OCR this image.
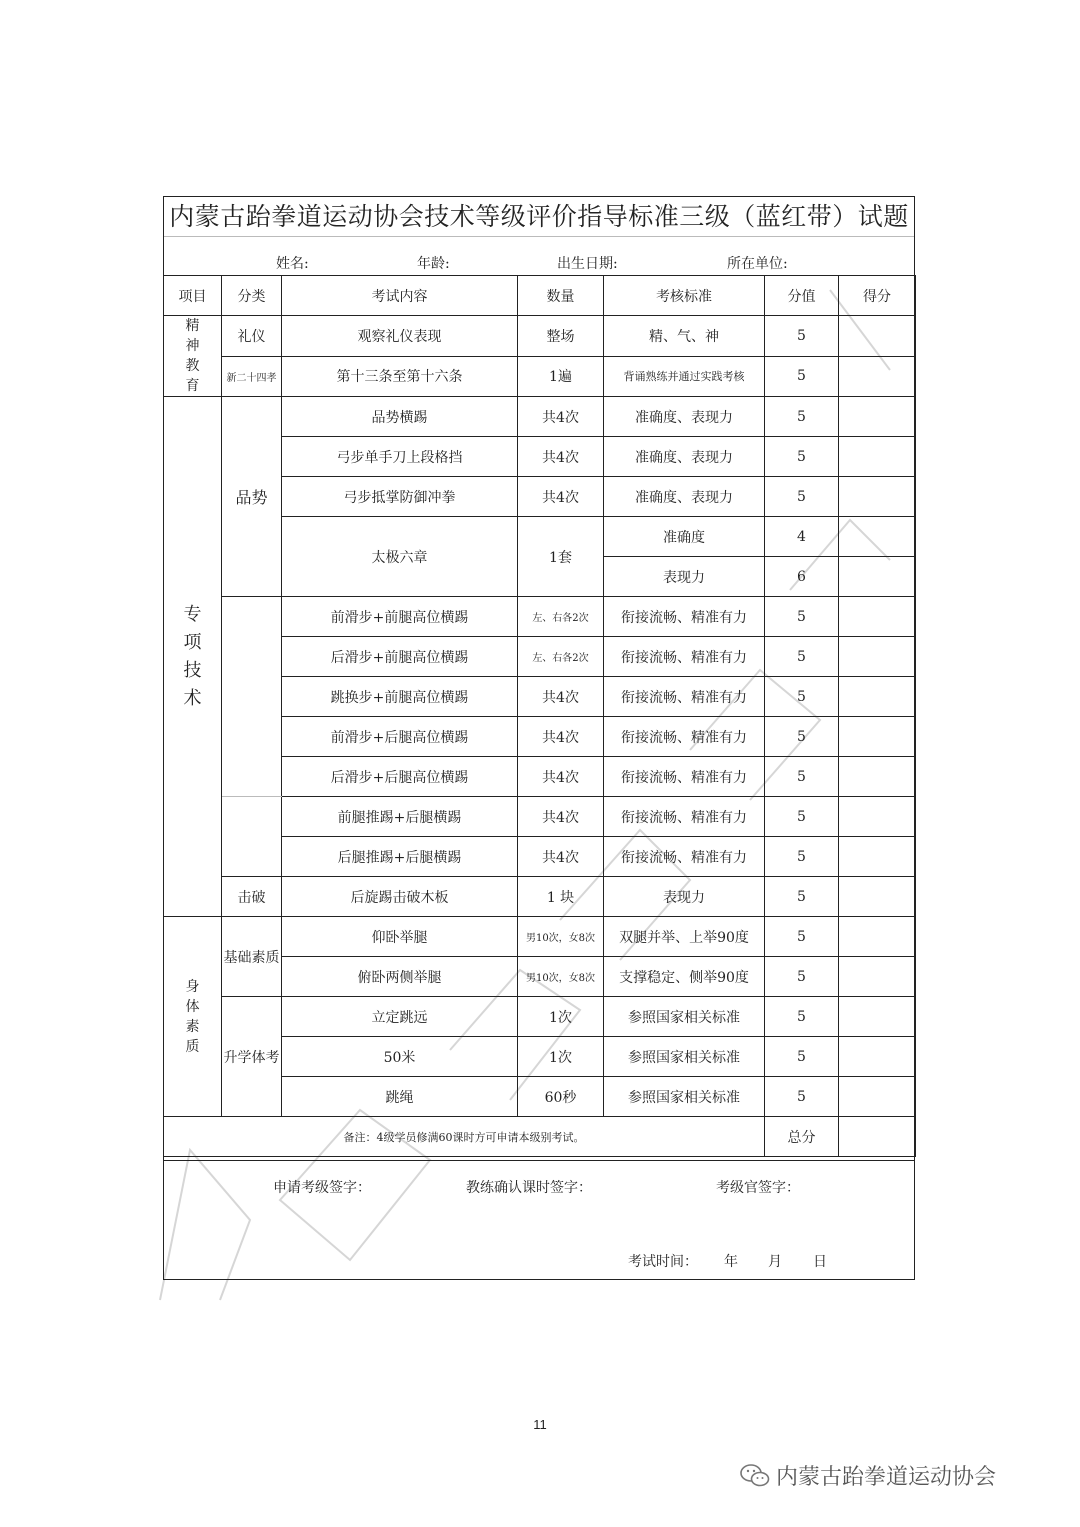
内蒙古跆拳道运动协会技术等级评价指导标准三级（蓝红带）试题
姓名:	年龄:	出生日期:	所在单位:
项目	分类	考试内容	数量	考核标准	分值	得分

精
神
教
育	礼仪	观察礼仪表现	整场	精、气、神	5	
	新二十四孝	第十三条至第十六条	1遍	背诵熟练并通过实践考核	5	

专
项
技
术	品势	品势横踢	共4次	准确度、表现力	5	
		弓步单手刀上段格挡	共4次	准确度、表现力	5	
		弓步抵掌防御冲拳	共4次	准确度、表现力	5	
		太极六章	1套	准确度	4	
				表现力	6	
		前滑步+前腿高位横踢	左、右各2次	衔接流畅、精准有力	5	
		后滑步+前腿高位横踢	左、右各2次	衔接流畅、精准有力	5	
		跳换步+前腿高位横踢	共4次	衔接流畅、精准有力	5	
		前滑步+后腿高位横踢	共4次	衔接流畅、精准有力	5	
		后滑步+后腿高位横踢	共4次	衔接流畅、精准有力	5	
		前腿推踢+后腿横踢	共4次	衔接流畅、精准有力	5	
		后腿推踢+后腿横踢	共4次	衔接流畅、精准有力	5	
	击破	后旋踢击破木板	1 块	表现力	5	

身
体
素
质	基础素质	仰卧举腿	男10次，女8次	双腿并举、上举90度	5	
		俯卧两侧举腿	男10次，女8次	支撑稳定、侧举90度	5	
	升学体考	立定跳远	1次	参照国家相关标准	5	
		50米	1次	参照国家相关标准	5	
		跳绳	60秒	参照国家相关标准	5	
备注：4级学员修满60课时方可申请本级别考试。					总分	
申请考级签字：	教练确认课时签字：	考级官签字：
考试时间： 年 月 日
11
内蒙古跆拳道运动协会
